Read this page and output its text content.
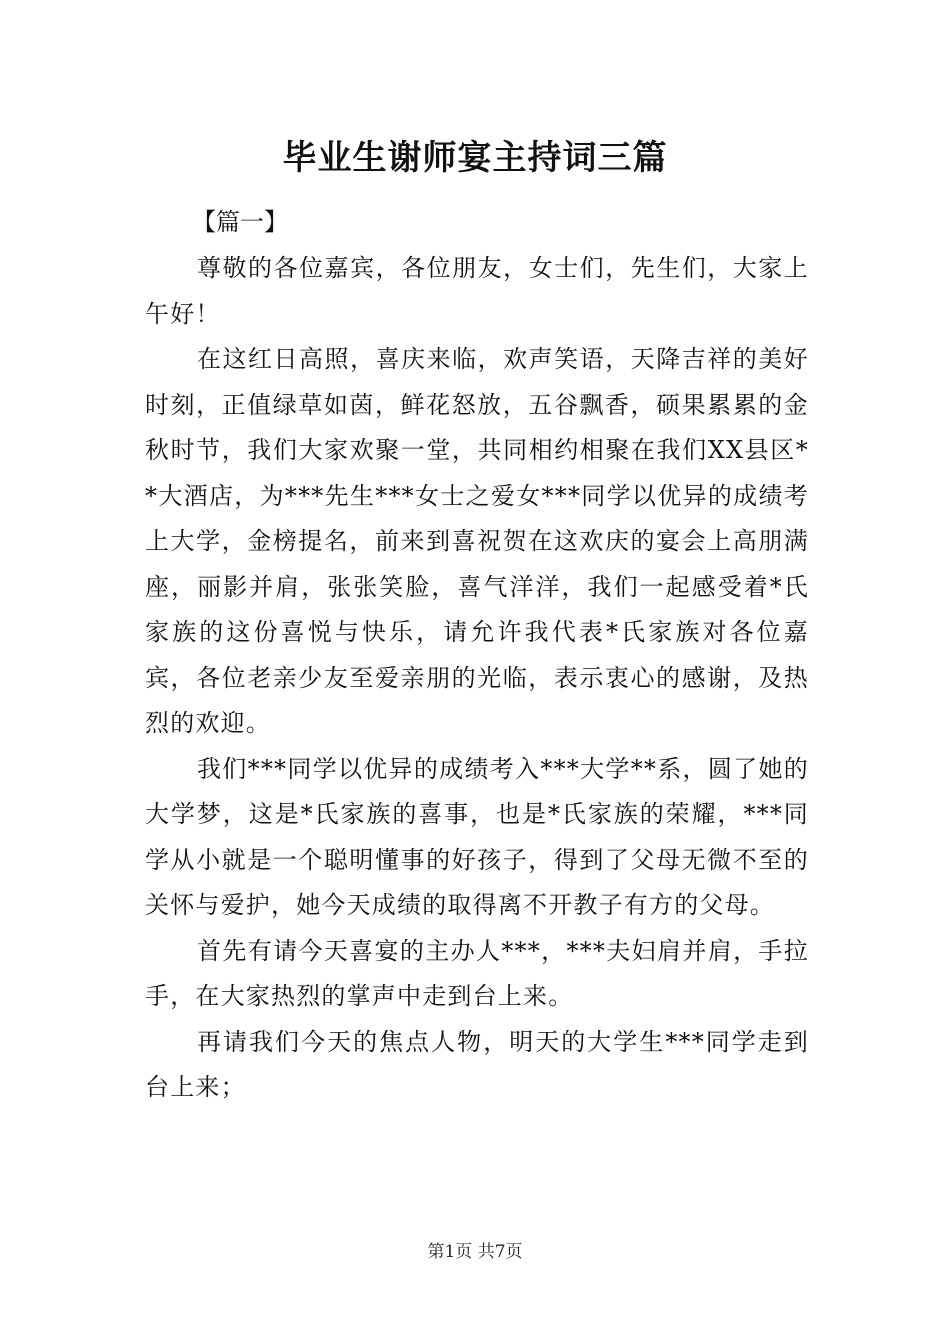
毕业生谢师宴主持词三篇
【篇一】

尊敬的各位嘉宾，各位朋友，女士们，先生们，大家上午好！

在这红日高照，喜庆来临，欢声笑语，天降吉祥的美好时刻，正值绿草如茵，鲜花怒放，五谷飘香，硕果累累的金秋时节，我们大家欢聚一堂，共同相约相聚在我们XX县区**大酒店，为***先生***女士之爱女***同学以优异的成绩考上大学，金榜提名，前来到喜祝贺在这欢庆的宴会上高朋满座，丽影并肩，张张笑脸，喜气洋洋，我们一起感受着*氏家族的这份喜悦与快乐，请允许我代表*氏家族对各位嘉宾，各位老亲少友至爱亲朋的光临，表示衷心的感谢，及热烈的欢迎。

我们***同学以优异的成绩考入***大学**系，圆了她的大学梦，这是*氏家族的喜事，也是*氏家族的荣耀，***同学从小就是一个聪明懂事的好孩子，得到了父母无微不至的关怀与爱护，她今天成绩的取得离不开教子有方的父母。

首先有请今天喜宴的主办人***，***夫妇肩并肩，手拉手，在大家热烈的掌声中走到台上来。

再请我们今天的焦点人物，明天的大学生***同学走到台上来；

第1页 共7页
